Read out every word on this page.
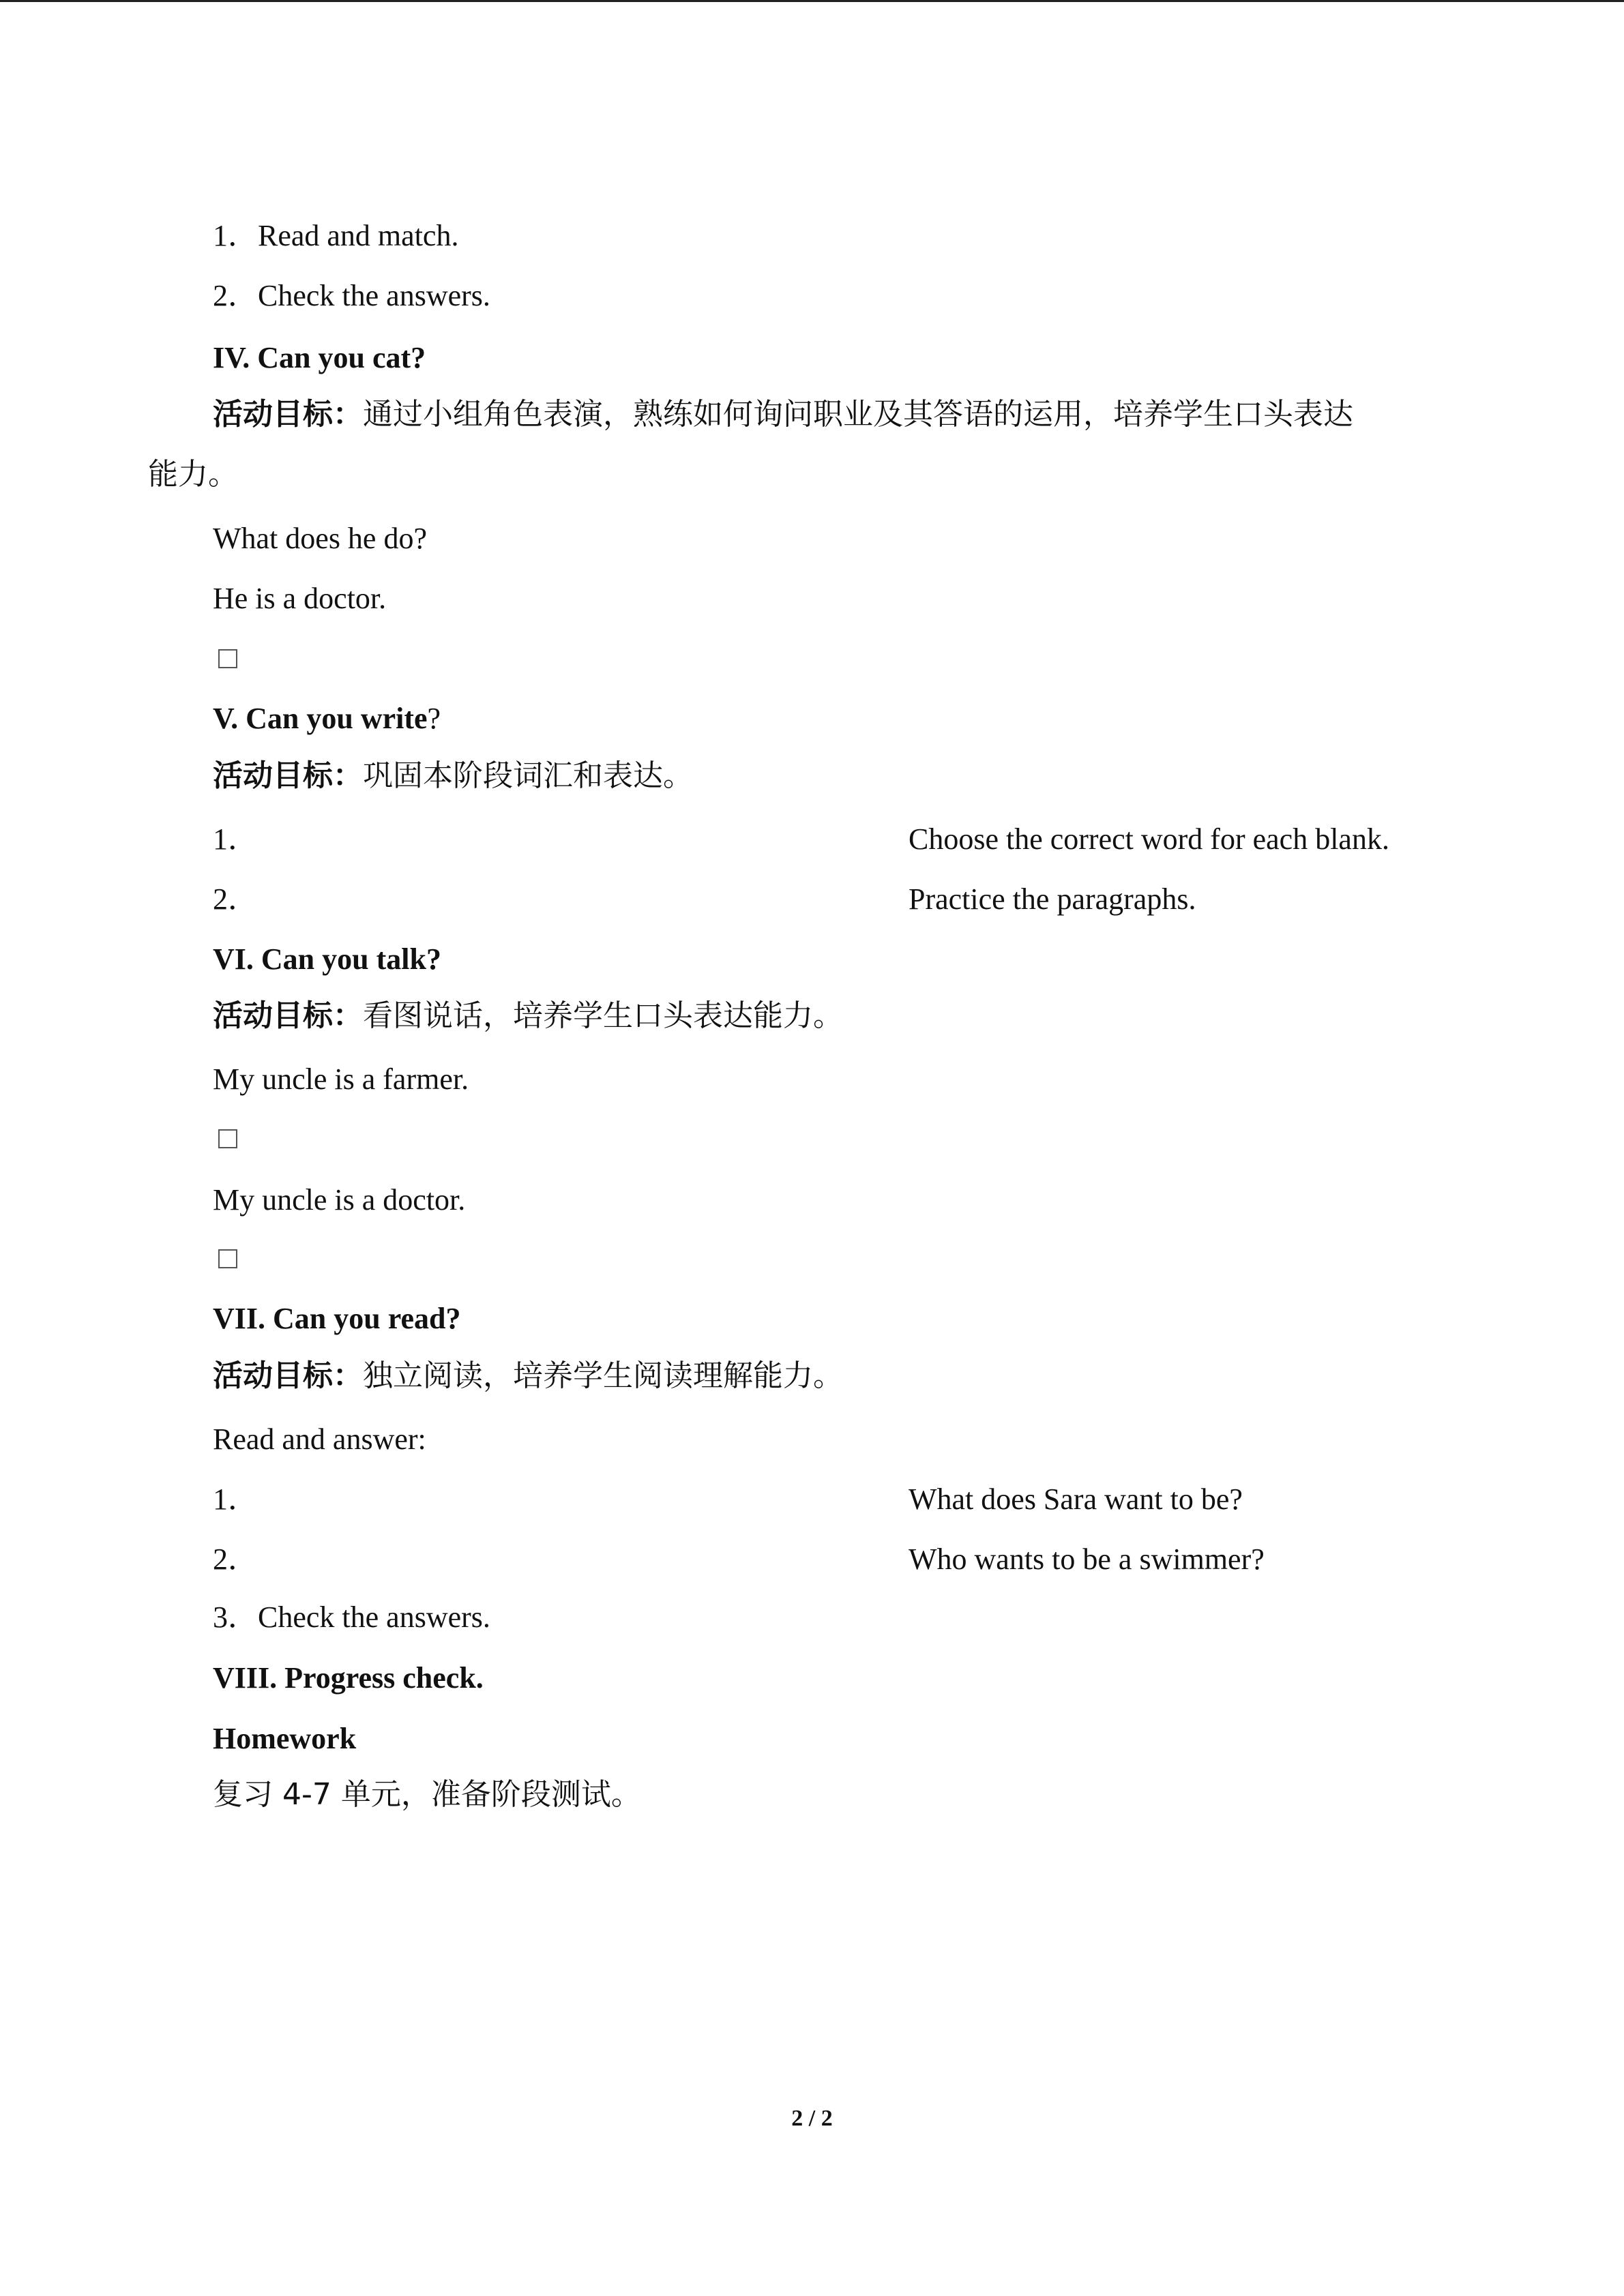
1．Read and match.
2．Check the answers.
IV. Can you cat?
活动目标：通过小组角色表演，熟练如何询问职业及其答语的运用，培养学生口头表达
能力。
What does he do?
He is a doctor.
V. Can you write?
活动目标：巩固本阶段词汇和表达。
1．	Choose the correct word for each blank.
2．	Practice the paragraphs.
VI. Can you talk?
活动目标：看图说话，培养学生口头表达能力。
My uncle is a farmer.
My uncle is a doctor.
VII. Can you read?
活动目标：独立阅读，培养学生阅读理解能力。
Read and answer:
1．	What does Sara want to be?
2．	Who wants to be a swimmer?
3．Check the answers.
VIII. Progress check.
Homework
复习 4-7 单元，准备阶段测试。
2 / 2
